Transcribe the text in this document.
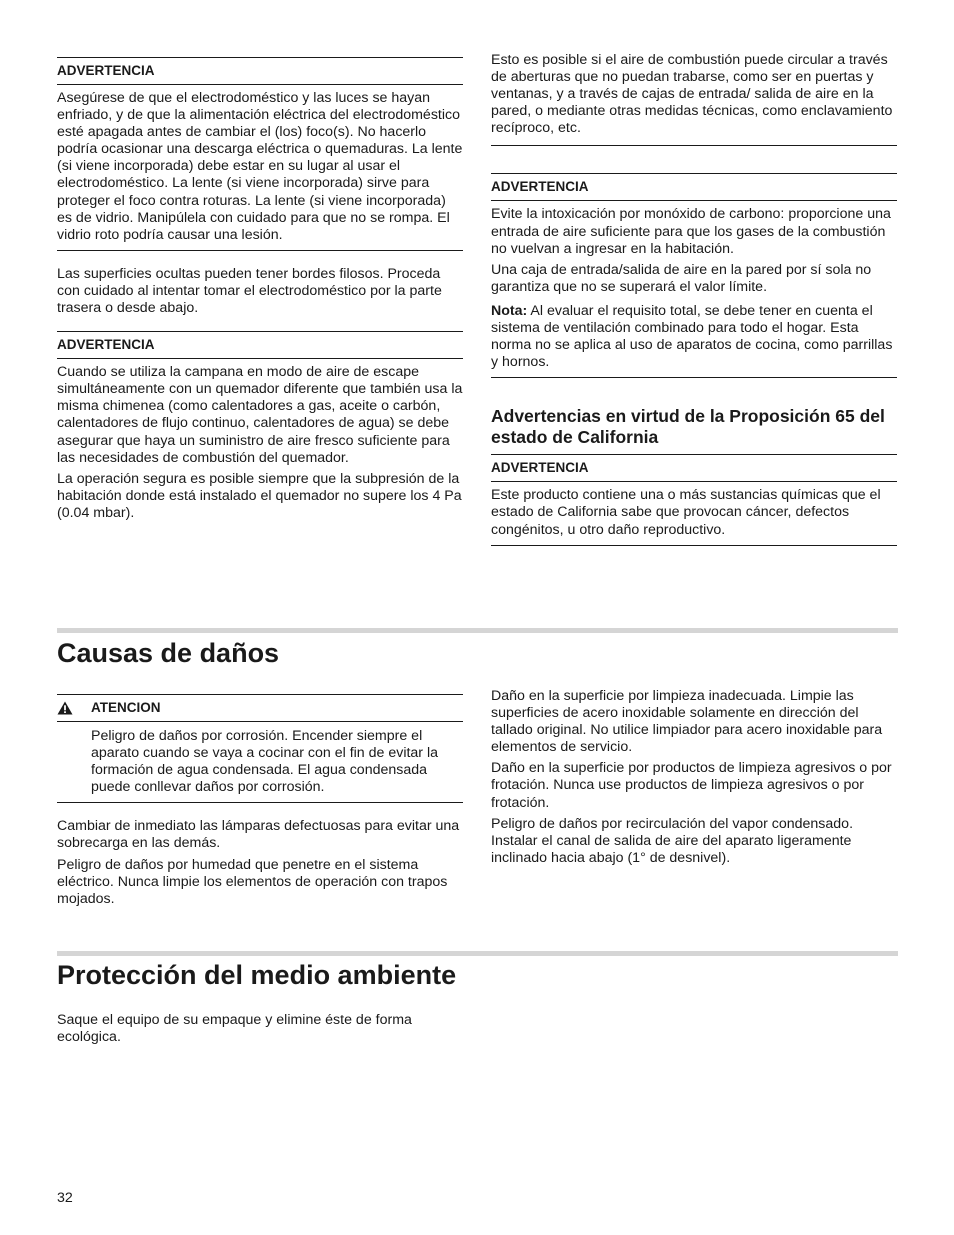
ADVERTENCIA

Asegúrese de que el electrodoméstico y las luces se hayan enfriado, y de que la alimentación eléctrica del electrodoméstico esté apagada antes de cambiar el (los) foco(s). No hacerlo podría ocasionar una descarga eléctrica o quemaduras. La lente (si viene incorporada) debe estar en su lugar al usar el electrodoméstico. La lente (si viene incorporada) sirve para proteger el foco contra roturas. La lente (si viene incorporada) es de vidrio. Manipúlela con cuidado para que no se rompa. El vidrio roto podría causar una lesión.

Las superficies ocultas pueden tener bordes filosos. Proceda con cuidado al intentar tomar el electrodoméstico por la parte trasera o desde abajo.

ADVERTENCIA

Cuando se utiliza la campana en modo de aire de escape simultáneamente con un quemador diferente que también usa la misma chimenea (como calentadores a gas, aceite o carbón, calentadores de flujo continuo, calentadores de agua) se debe asegurar que haya un suministro de aire fresco suficiente para las necesidades de combustión del quemador.

La operación segura es posible siempre que la subpresión de la habitación donde está instalado el quemador no supere los 4 Pa (0.04 mbar).

Esto es posible si el aire de combustión puede circular a través de aberturas que no puedan trabarse, como ser en puertas y ventanas, y a través de cajas de entrada/ salida de aire en la pared, o mediante otras medidas técnicas, como enclavamiento recíproco, etc.

ADVERTENCIA

Evite la intoxicación por monóxido de carbono: proporcione una entrada de aire suficiente para que los gases de la combustión no vuelvan a ingresar en la habitación.

Una caja de entrada/salida de aire en la pared por sí sola no garantiza que no se superará el valor límite.

Nota: Al evaluar el requisito total, se debe tener en cuenta el sistema de ventilación combinado para todo el hogar. Esta norma no se aplica al uso de aparatos de cocina, como parrillas y hornos.

Advertencias en virtud de la Proposición 65 del estado de California
ADVERTENCIA

Este producto contiene una o más sustancias químicas que el estado de California sabe que provocan cáncer, defectos congénitos, u otro daño reproductivo.

Causas de daños
ATENCION

Peligro de daños por corrosión. Encender siempre el aparato cuando se vaya a cocinar con el fin de evitar la formación de agua condensada. El agua condensada puede conllevar daños por corrosión.

Cambiar de inmediato las lámparas defectuosas para evitar una sobrecarga en las demás.

Peligro de daños por humedad que penetre en el sistema eléctrico. Nunca limpie los elementos de operación con trapos mojados.

Daño en la superficie por limpieza inadecuada. Limpie las superficies de acero inoxidable solamente en dirección del tallado original. No utilice limpiador para acero inoxidable para elementos de servicio.

Daño en la superficie por productos de limpieza agresivos o por frotación. Nunca use productos de limpieza agresivos o por frotación.

Peligro de daños por recirculación del vapor condensado. Instalar el canal de salida de aire del aparato ligeramente inclinado hacia abajo (1° de desnivel).

Protección del medio ambiente

Saque el equipo de su empaque y elimine éste de forma ecológica.

32
